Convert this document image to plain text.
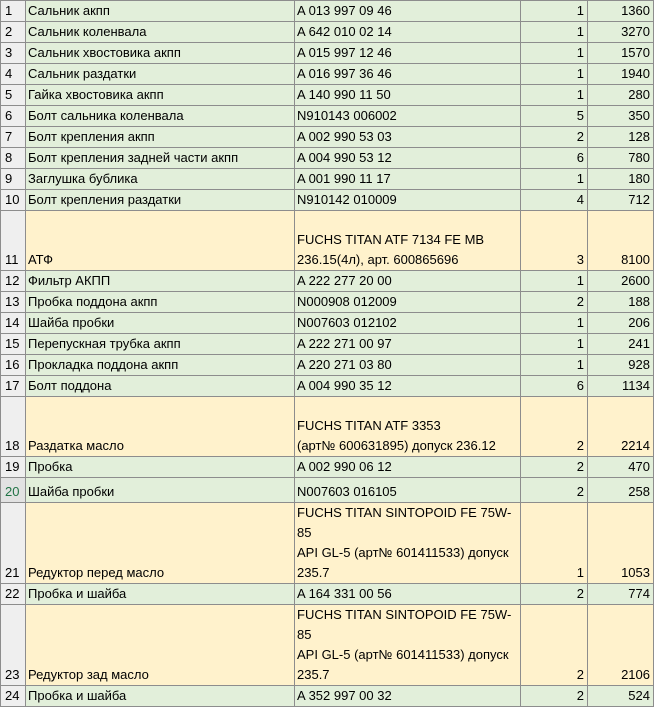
1	Сальник акпп	A 013 997 09 46	1	1360
2	Сальник коленвала	A 642 010 02 14	1	3270
3	Сальник хвостовика акпп	A 015 997 12 46	1	1570
4	Сальник раздатки	A 016 997 36 46	1	1940
5	Гайка хвостовика акпп	A 140 990 11 50	1	280
6	Болт сальника коленвала	N910143 006002	5	350
7	Болт крепления акпп	A 002 990 53 03	2	128
8	Болт крепления задней части акпп	A 004 990 53 12	6	780
9	Заглушка бублика	A 001 990 11 17	1	180
10	Болт крепления раздатки	N910142 010009	4	712
11	АТФ	FUCHS TITAN ATF 7134 FE MB
236.15(4л), арт. 600865696	3	8100
12	Фильтр АКПП	A 222 277 20 00	1	2600
13	Пробка поддона акпп	N000908 012009	2	188
14	Шайба пробки	N007603 012102	1	206
15	Перепускная трубка акпп	A 222 271 00 97	1	241
16	Прокладка поддона акпп	A 220 271 03 80	1	928
17	Болт поддона	A 004 990 35 12	6	1134
18	Раздатка масло	FUCHS TITAN ATF 3353
(арт№ 600631895) допуск 236.12	2	2214
19	Пробка	A 002 990 06 12	2	470
20	Шайба пробки	N007603 016105	2	258
21	Редуктор перед масло	FUCHS TITAN SINTOPOID FE 75W-85
API GL-5 (арт№ 601411533) допуск
235.7	1	1053
22	Пробка и шайба	A 164 331 00 56	2	774
23	Редуктор зад масло	FUCHS TITAN SINTOPOID FE 75W-85
API GL-5 (арт№ 601411533) допуск
235.7	2	2106
24	Пробка и шайба	A 352 997 00 32	2	524
